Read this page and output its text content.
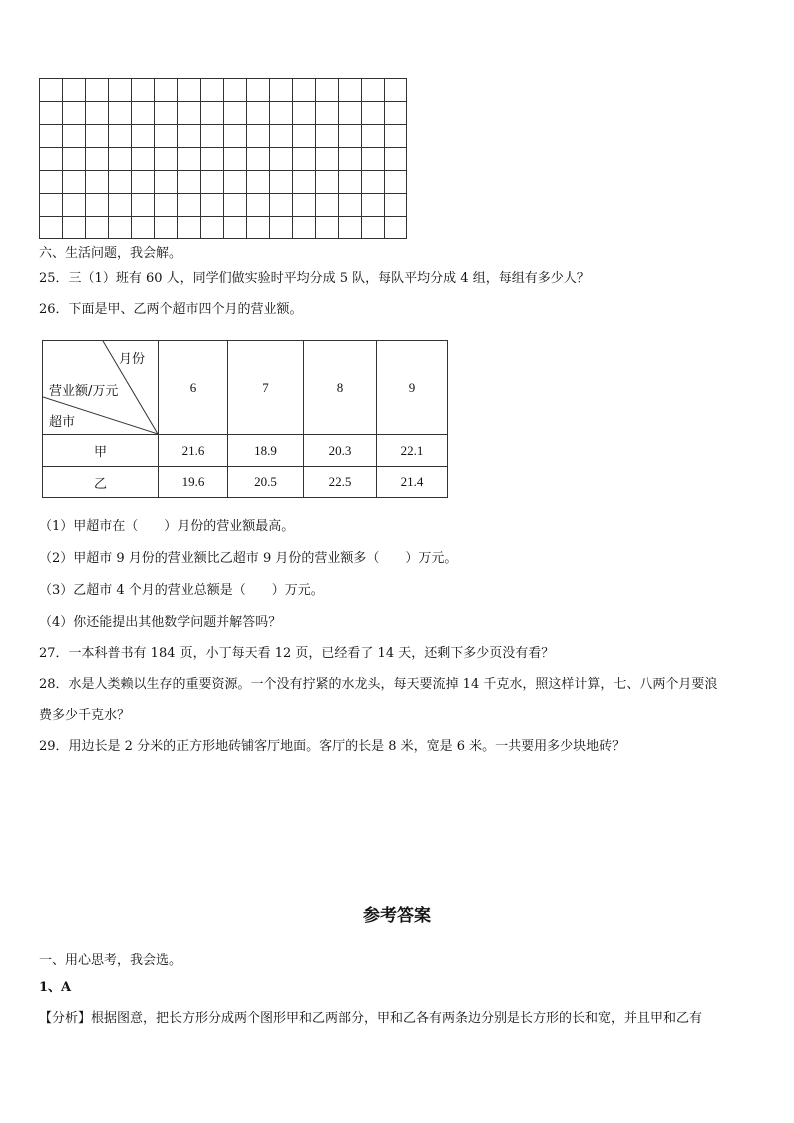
六、生活问题，我会解。
25．三（1）班有 60 人，同学们做实验时平均分成 5 队，每队平均分成 4 组，每组有多少人？
26．下面是甲、乙两个超市四个月的营业额。
月份
营业额/万元
超市	6	7	8	9
甲	21.6	18.9	20.3	22.1
乙	19.6	20.5	22.5	21.4
（1）甲超市在（　　）月份的营业额最高。
（2）甲超市 9 月份的营业额比乙超市 9 月份的营业额多（　　）万元。
（3）乙超市 4 个月的营业总额是（　　）万元。
（4）你还能提出其他数学问题并解答吗？
27．一本科普书有 184 页，小丁每天看 12 页，已经看了 14 天，还剩下多少页没有看？
28．水是人类赖以生存的重要资源。一个没有拧紧的水龙头，每天要流掉 14 千克水，照这样计算，七、八两个月要浪
费多少千克水？
29．用边长是 2 分米的正方形地砖铺客厅地面。客厅的长是 8 米，宽是 6 米。一共要用多少块地砖？
参考答案
一、用心思考，我会选。
1、A
【分析】根据图意，把长方形分成两个图形甲和乙两部分，甲和乙各有两条边分别是长方形的长和宽，并且甲和乙有
